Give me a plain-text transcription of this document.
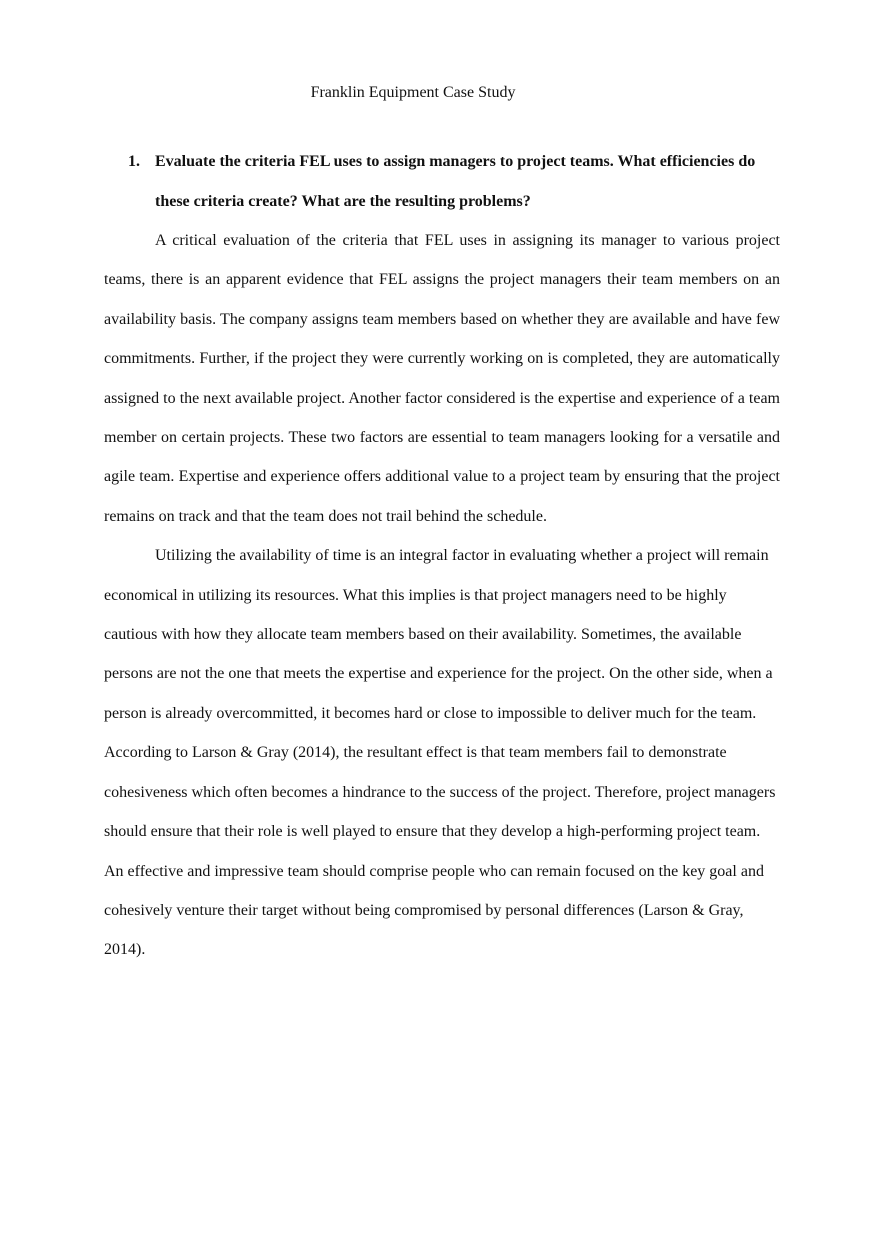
Franklin Equipment Case Study
1. Evaluate the criteria FEL uses to assign managers to project teams. What efficiencies do these criteria create? What are the resulting problems?

A critical evaluation of the criteria that FEL uses in assigning its manager to various project teams, there is an apparent evidence that FEL assigns the project managers their team members on an availability basis. The company assigns team members based on whether they are available and have few commitments. Further, if the project they were currently working on is completed, they are automatically assigned to the next available project. Another factor considered is the expertise and experience of a team member on certain projects. These two factors are essential to team managers looking for a versatile and agile team. Expertise and experience offers additional value to a project team by ensuring that the project remains on track and that the team does not trail behind the schedule.

Utilizing the availability of time is an integral factor in evaluating whether a project will remain economical in utilizing its resources. What this implies is that project managers need to be highly cautious with how they allocate team members based on their availability. Sometimes, the available persons are not the one that meets the expertise and experience for the project. On the other side, when a person is already overcommitted, it becomes hard or close to impossible to deliver much for the team. According to Larson & Gray (2014), the resultant effect is that team members fail to demonstrate cohesiveness which often becomes a hindrance to the success of the project. Therefore, project managers should ensure that their role is well played to ensure that they develop a high-performing project team. An effective and impressive team should comprise people who can remain focused on the key goal and cohesively venture their target without being compromised by personal differences (Larson & Gray, 2014).
